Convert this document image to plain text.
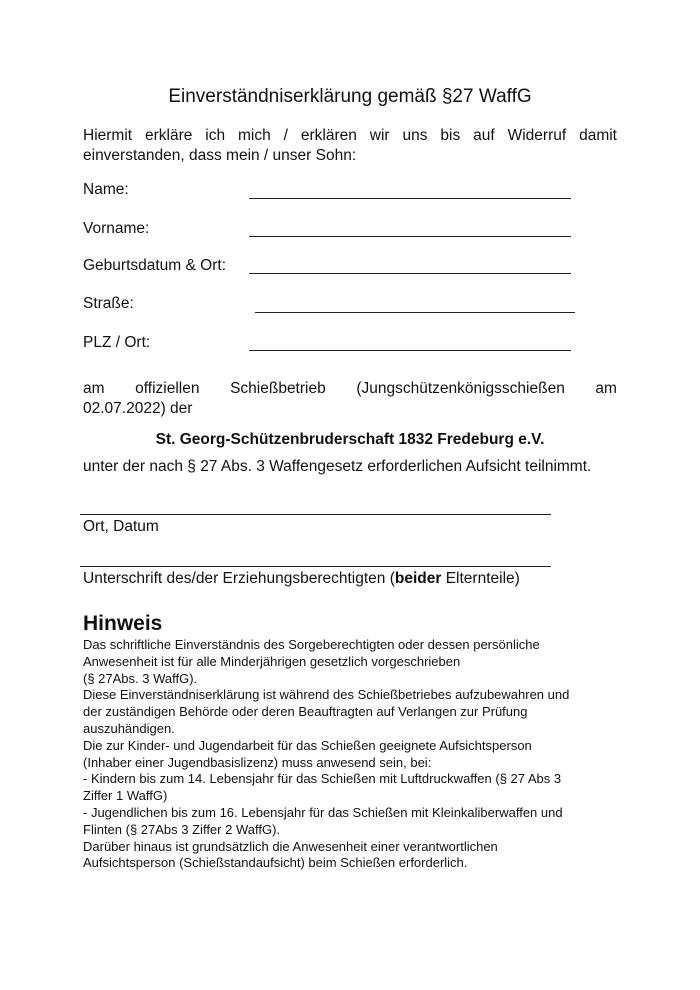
Einverständniserklärung gemäß §27 WaffG
Hiermit erkläre ich mich / erklären wir uns bis auf Widerruf damit einverstanden, dass mein / unser Sohn:
Name:
Vorname:
Geburtsdatum & Ort:
Straße:
PLZ / Ort:
am offiziellen Schießbetrieb (Jungschützenkönigsschießen am
02.07.2022) der
St. Georg-Schützenbruderschaft 1832 Fredeburg e.V.
unter der nach § 27 Abs. 3 Waffengesetz erforderlichen Aufsicht teilnimmt.
Ort, Datum
Unterschrift des/der Erziehungsberechtigten (beider Elternteile)
Hinweis
Das schriftliche Einverständnis des Sorgeberechtigten oder dessen persönliche
Anwesenheit ist für alle Minderjährigen gesetzlich vorgeschrieben
(§ 27Abs. 3 WaffG).
Diese Einverständniserklärung ist während des Schießbetriebes aufzubewahren und
der zuständigen Behörde oder deren Beauftragten auf Verlangen zur Prüfung
auszuhändigen.
Die zur Kinder- und Jugendarbeit für das Schießen geeignete Aufsichtsperson
(Inhaber einer Jugendbasislizenz) muss anwesend sein, bei:
- Kindern bis zum 14. Lebensjahr für das Schießen mit Luftdruckwaffen (§ 27 Abs 3
Ziffer 1 WaffG)
- Jugendlichen bis zum 16. Lebensjahr für das Schießen mit Kleinkaliberwaffen und
Flinten (§ 27Abs 3 Ziffer 2 WaffG).
Darüber hinaus ist grundsätzlich die Anwesenheit einer verantwortlichen
Aufsichtsperson (Schießstandaufsicht) beim Schießen erforderlich.
